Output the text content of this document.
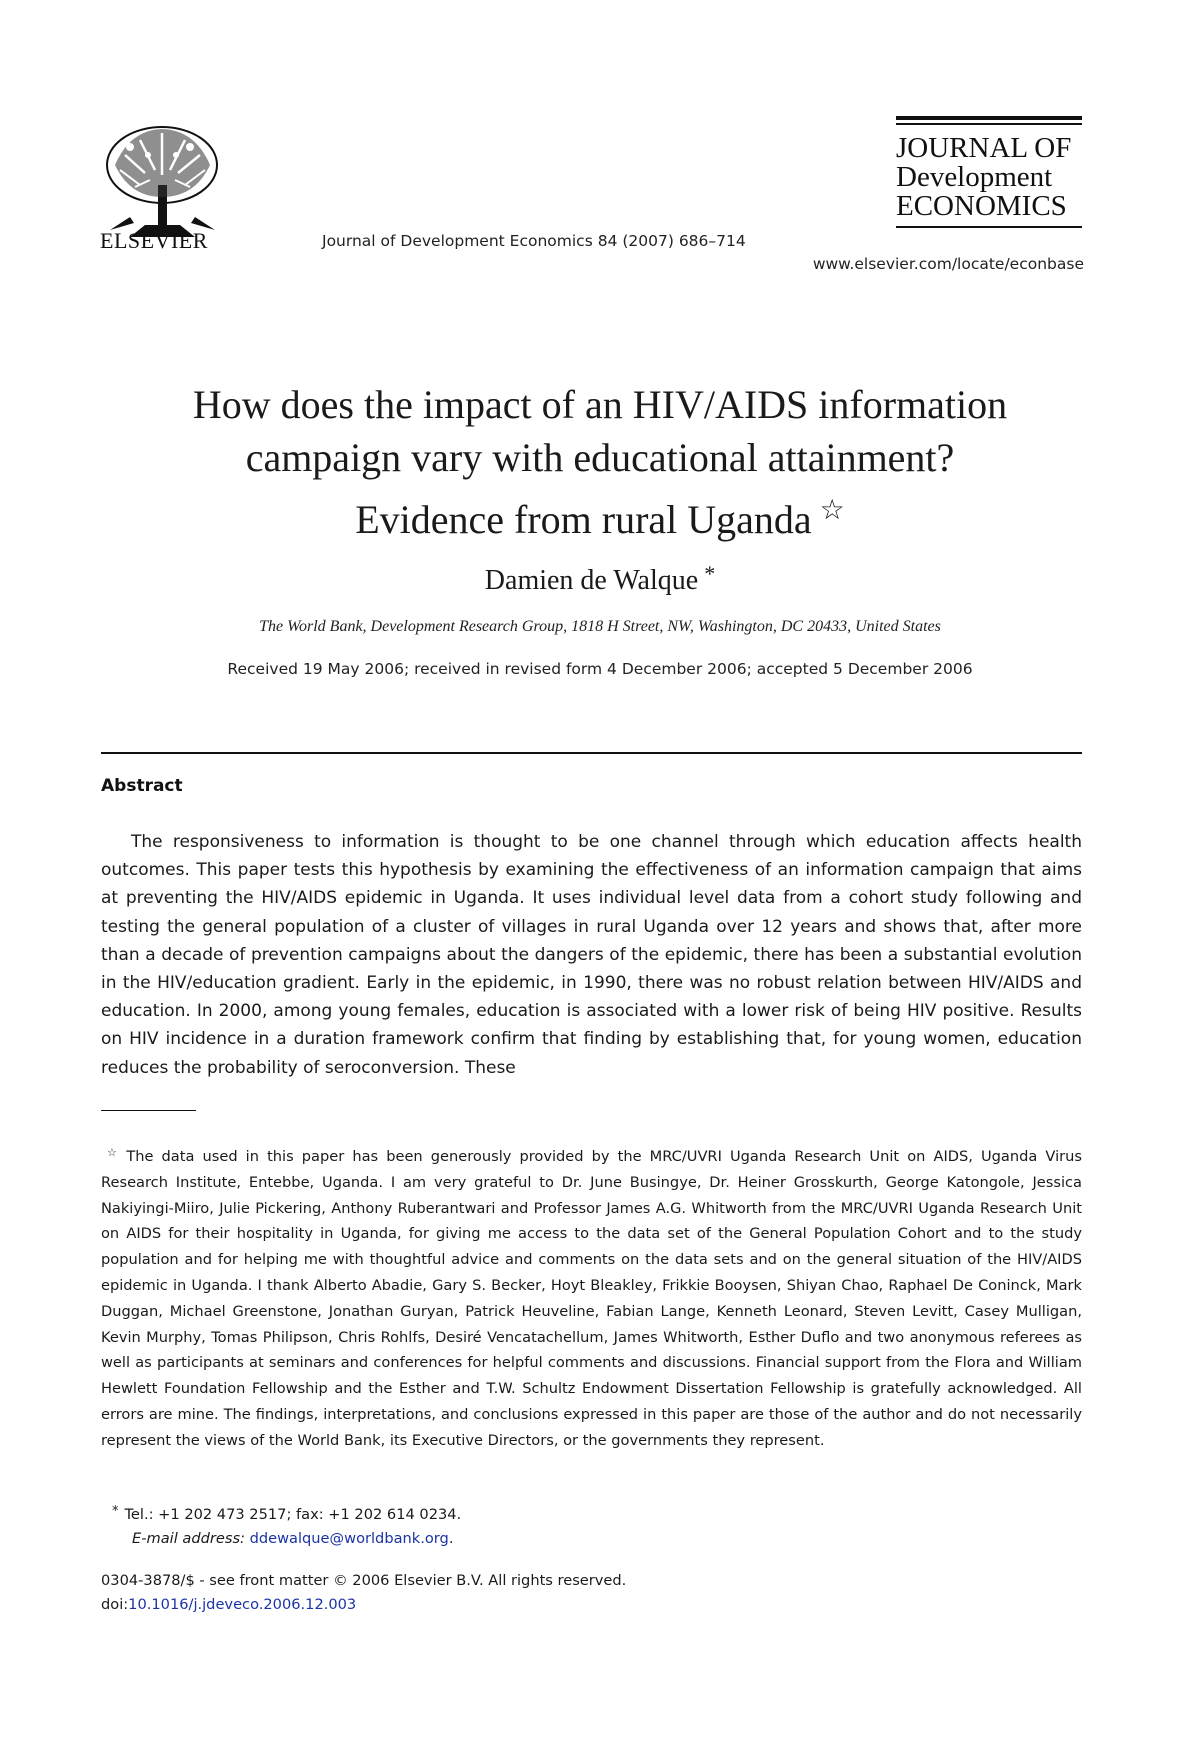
ELSEVIER	Journal of Development Economics 84 (2007) 686–714
JOURNAL OF
Development
ECONOMICS
www.elsevier.com/locate/econbase
How does the impact of an HIV/AIDS information
campaign vary with educational attainment?
Evidence from rural Uganda ☆
Damien de Walque *
The World Bank, Development Research Group, 1818 H Street, NW, Washington, DC 20433, United States
Received 19 May 2006; received in revised form 4 December 2006; accepted 5 December 2006
Abstract
The responsiveness to information is thought to be one channel through which education affects health outcomes. This paper tests this hypothesis by examining the effectiveness of an information campaign that aims at preventing the HIV/AIDS epidemic in Uganda. It uses individual level data from a cohort study following and testing the general population of a cluster of villages in rural Uganda over 12 years and shows that, after more than a decade of prevention campaigns about the dangers of the epidemic, there has been a substantial evolution in the HIV/education gradient. Early in the epidemic, in 1990, there was no robust relation between HIV/AIDS and education. In 2000, among young females, education is associated with a lower risk of being HIV positive. Results on HIV incidence in a duration framework confirm that finding by establishing that, for young women, education reduces the probability of seroconversion. These
☆ The data used in this paper has been generously provided by the MRC/UVRI Uganda Research Unit on AIDS, Uganda Virus Research Institute, Entebbe, Uganda. I am very grateful to Dr. June Busingye, Dr. Heiner Grosskurth, George Katongole, Jessica Nakiyingi-Miiro, Julie Pickering, Anthony Ruberantwari and Professor James A.G. Whitworth from the MRC/UVRI Uganda Research Unit on AIDS for their hospitality in Uganda, for giving me access to the data set of the General Population Cohort and to the study population and for helping me with thoughtful advice and comments on the data sets and on the general situation of the HIV/AIDS epidemic in Uganda. I thank Alberto Abadie, Gary S. Becker, Hoyt Bleakley, Frikkie Booysen, Shiyan Chao, Raphael De Coninck, Mark Duggan, Michael Greenstone, Jonathan Guryan, Patrick Heuveline, Fabian Lange, Kenneth Leonard, Steven Levitt, Casey Mulligan, Kevin Murphy, Tomas Philipson, Chris Rohlfs, Desiré Vencatachellum, James Whitworth, Esther Duflo and two anonymous referees as well as participants at seminars and conferences for helpful comments and discussions. Financial support from the Flora and William Hewlett Foundation Fellowship and the Esther and T.W. Schultz Endowment Dissertation Fellowship is gratefully acknowledged. All errors are mine. The findings, interpretations, and conclusions expressed in this paper are those of the author and do not necessarily represent the views of the World Bank, its Executive Directors, or the governments they represent.
* Tel.: +1 202 473 2517; fax: +1 202 614 0234.
E-mail address: ddewalque@worldbank.org.
0304-3878/$ - see front matter © 2006 Elsevier B.V. All rights reserved.
doi:10.1016/j.jdeveco.2006.12.003
